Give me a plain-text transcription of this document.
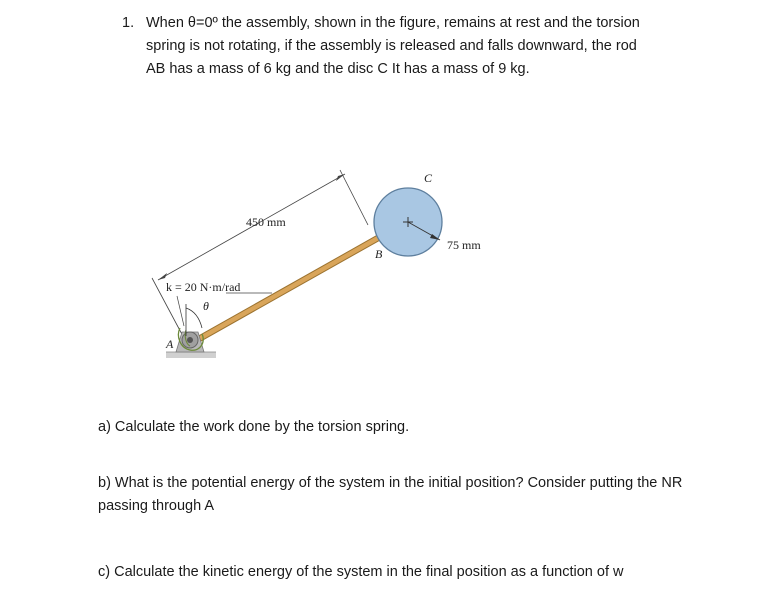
1. When θ=0º the assembly, shown in the figure, remains at rest and the torsion spring is not rotating, if the assembly is released and falls downward, the rod AB has a mass of 6 kg and the disc C It has a mass of 9 kg.
450 mm
θ
k = 20 N·m/rad
75 mm
A
B
C
a) Calculate the work done by the torsion spring.
b) What is the potential energy of the system in the initial position? Consider putting the NR passing through A
c) Calculate the kinetic energy of the system in the final position as a function of w
